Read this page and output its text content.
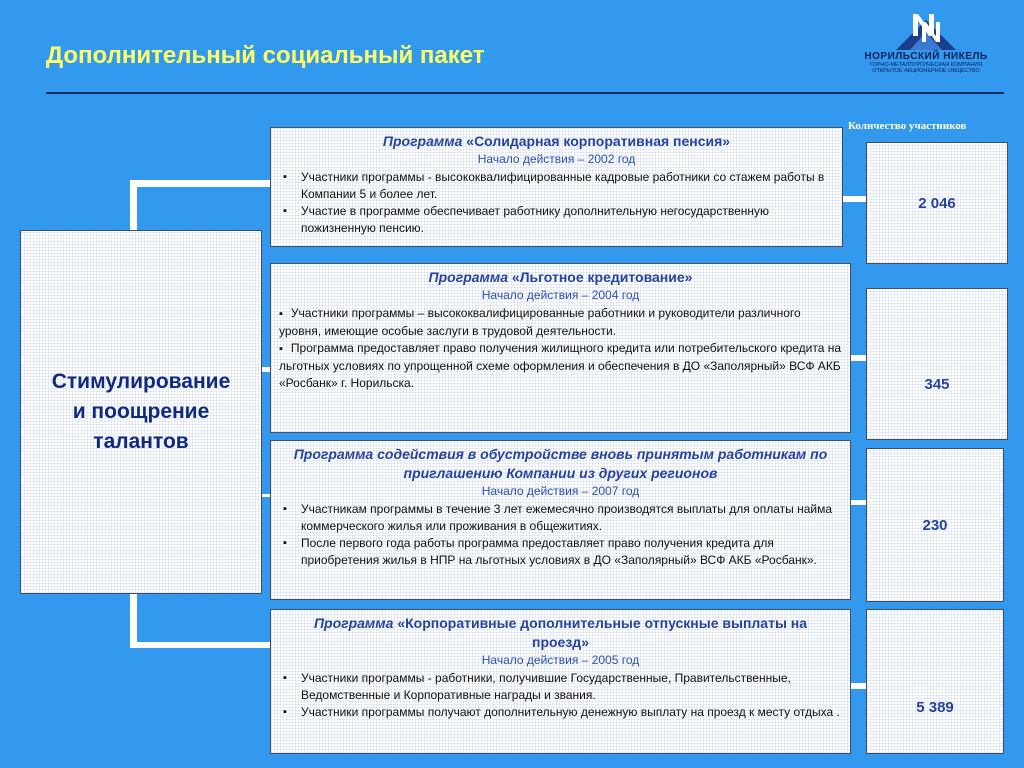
Дополнительный социальный пакет	НОРИЛЬСКИЙ НИКЕЛЬ
ГОРНО-МЕТАЛЛУРГИЧЕСКАЯ КОМПАНИЯ
ОТКРЫТОЕ АКЦИОНЕРНОЕ ОБЩЕСТВО
Стимулирование
и поощрение
талантов
Количество участников
Программа «Солидарная корпоративная пенсия»
Начало действия – 2002 год
▪ Участники программы - высококвалифицированные кадровые работники со стажем работы в Компании 5 и более лет.
▪ Участие в программе обеспечивает работнику дополнительную негосударственную пожизненную пенсию.
2 046
Программа «Льготное кредитование»
Начало действия – 2004 год
▪ Участники программы – высококвалифицированные работники и руководители различного уровня, имеющие особые заслуги в трудовой деятельности.
▪ Программа предоставляет право получения жилищного кредита или потребительского кредита на льготных условиях по упрощенной схеме оформления и обеспечения в ДО «Заполярный» ВСФ АКБ «Росбанк» г. Норильска.	345
Программа содействия в обустройстве вновь принятым работникам по приглашению Компании из других регионов
Начало действия – 2007 год
▪ Участникам программы в течение 3 лет ежемесячно производятся выплаты для оплаты найма коммерческого жилья или проживания в общежитиях.
▪ После первого года работы программа предоставляет право получения кредита для приобретения жилья в НПР на льготных условиях в ДО «Заполярный» ВСФ АКБ «Росбанк».
230
Программа «Корпоративные дополнительные отпускные выплаты на проезд»
Начало действия – 2005 год
▪ Участники программы - работники, получившие Государственные, Правительственные, Ведомственные и Корпоративные награды и звания.
▪ Участники программы получают дополнительную денежную выплату на проезд к месту отдыха .	5 389
